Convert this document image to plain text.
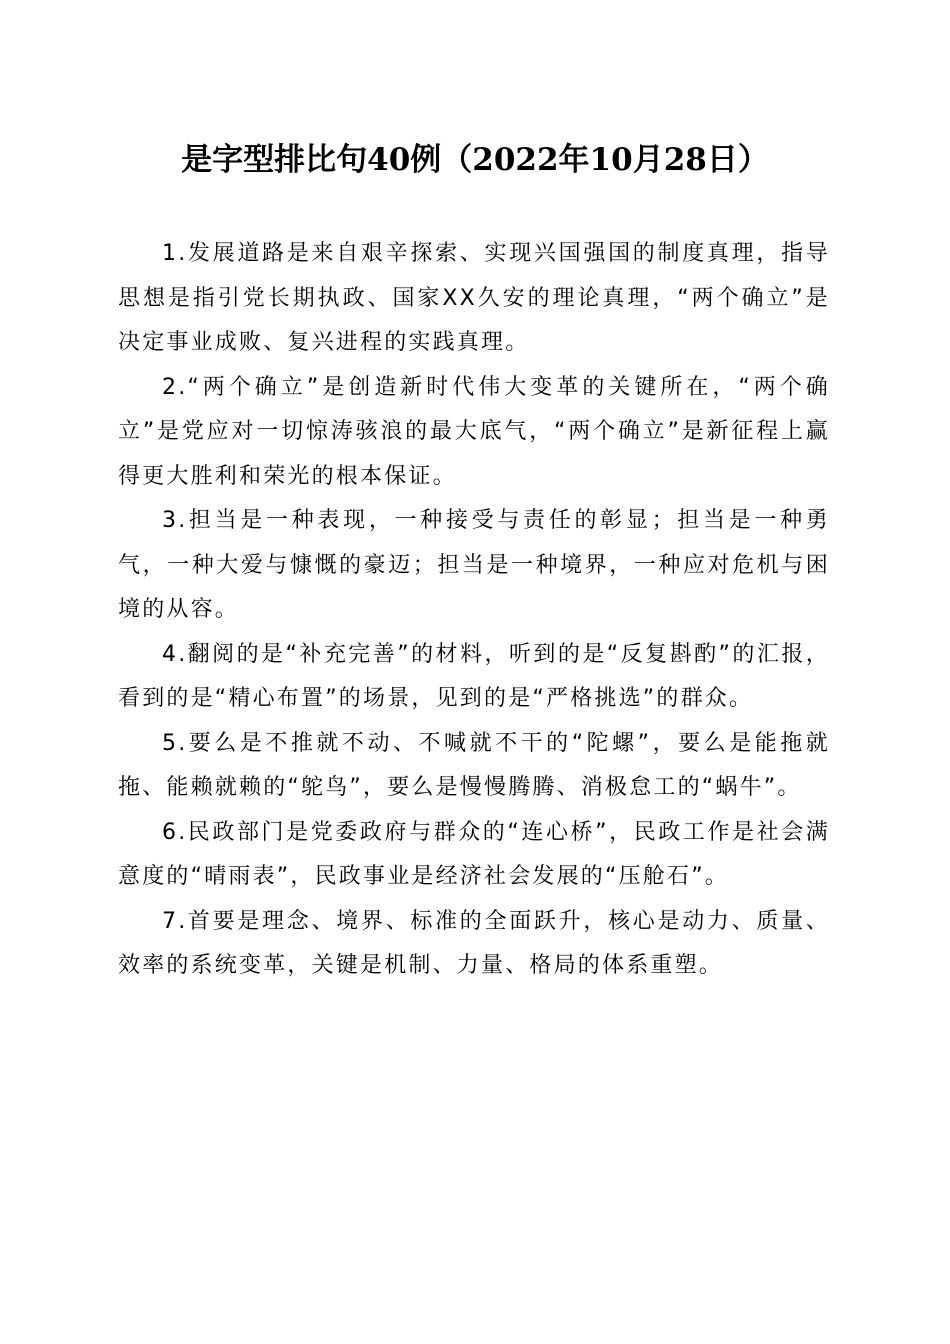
是字型排比句40例（2022年10月28日）

1.发展道路是来自艰辛探索、实现兴国强国的制度真理，指导思想是指引党长期执政、国家XX久安的理论真理，“两个确立”是决定事业成败、复兴进程的实践真理。

2.“两个确立”是创造新时代伟大变革的关键所在，“两个确立”是党应对一切惊涛骇浪的最大底气，“两个确立”是新征程上赢得更大胜利和荣光的根本保证。

3.担当是一种表现，一种接受与责任的彰显；担当是一种勇气，一种大爱与慷慨的豪迈；担当是一种境界，一种应对危机与困境的从容。

4.翻阅的是“补充完善”的材料，听到的是“反复斟酌”的汇报，看到的是“精心布置”的场景，见到的是“严格挑选”的群众。

5.要么是不推就不动、不喊就不干的“陀螺”，要么是能拖就拖、能赖就赖的“鸵鸟”，要么是慢慢腾腾、消极怠工的“蜗牛”。

6.民政部门是党委政府与群众的“连心桥”，民政工作是社会满意度的“晴雨表”，民政事业是经济社会发展的“压舱石”。

7.首要是理念、境界、标准的全面跃升，核心是动力、质量、效率的系统变革，关键是机制、力量、格局的体系重塑。
